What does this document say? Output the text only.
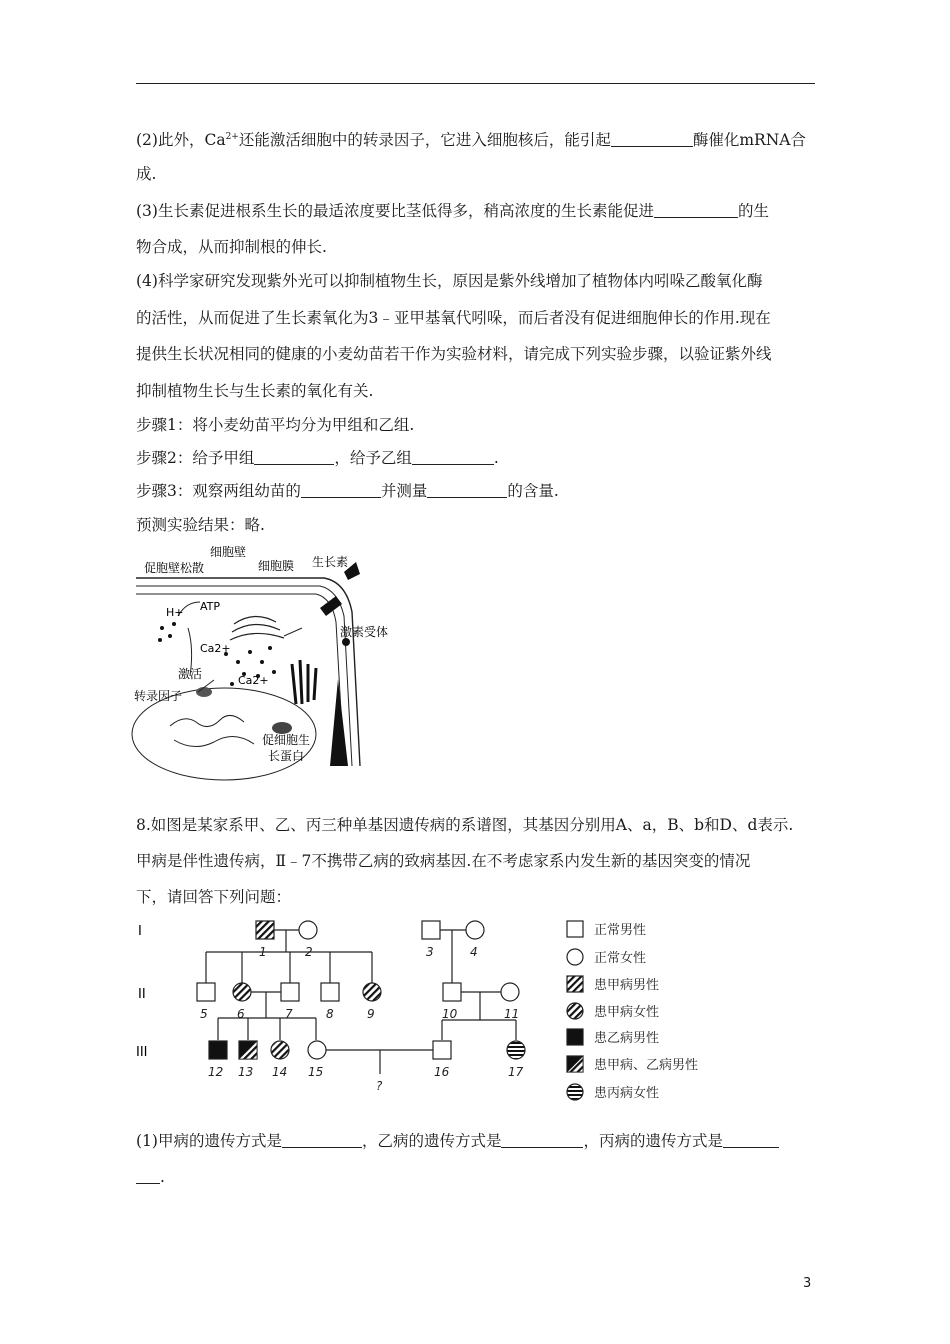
(2)此外，$Ca^{2+}$还能激活细胞中的转录因子，它进入细胞核后，能引起	酶催化mRNA合
成.
(3)生长素促进根系生长的最适浓度要比茎低得多，稍高浓度的生长素能促进	的生
物合成，从而抑制根的伸长.
(4)科学家研究发现紫外光可以抑制植物生长，原因是紫外线增加了植物体内吲哚乙酸氧化酶
的活性，从而促进了生长素氧化为3﹣亚甲基氧代吲哚，而后者没有促进细胞伸长的作用.现在
提供生长状况相同的健康的小麦幼苗若干作为实验材料，请完成下列实验步骤，以验证紫外线
抑制植物生长与生长素的氧化有关.
步骤1：将小麦幼苗平均分为甲组和乙组.
步骤2：给予甲组	，给予乙组	.
步骤3：观察两组幼苗的	并测量	的含量.
预测实验结果：略.
促胞壁松散
细胞壁
细胞膜 生长素
激素受体
H+ ATP
Ca2+
Ca2+
激活
转录因子
促细胞生
长蛋白
8.如图是某家系甲、乙、丙三种单基因遗传病的系谱图，其基因分别用A、a，B、b和D、d表示.
甲病是伴性遗传病，Ⅱ﹣7不携带乙病的致病基因.在不考虑家系内发生新的基因突变的情况
下，请回答下列问题：
I
II
III
1	2	3	4
5 6	7	8	9	10	11
12 13 14 15	16	17
?
正常男性
正常女性
患甲病男性
患甲病女性
患乙病男性
患甲病、乙病男性
患丙病女性
(1)甲病的遗传方式是	，乙病的遗传方式是	，丙病的遗传方式是
.
3
